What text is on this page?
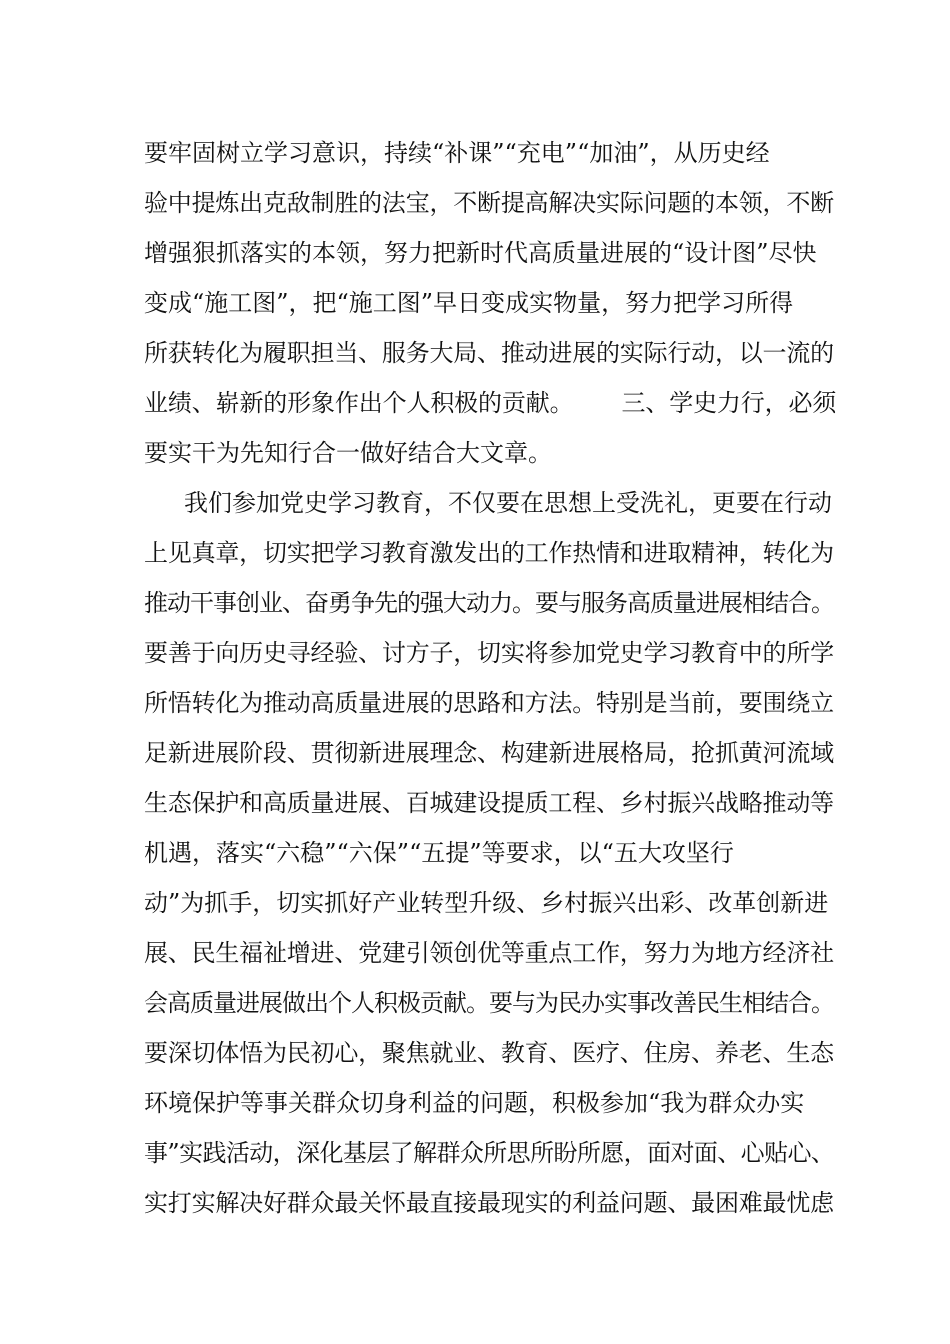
要牢固树立学习意识，持续“补课”“充电”“加油”，从历史经
验中提炼出克敌制胜的法宝，不断提高解决实际问题的本领，不断
增强狠抓落实的本领，努力把新时代高质量进展的“设计图”尽快
变成“施工图”，把“施工图”早日变成实物量，努力把学习所得
所获转化为履职担当、服务大局、推动进展的实际行动，以一流的
业绩、崭新的形象作出个人积极的贡献。 三、学史力行，必须
要实干为先知行合一做好结合大文章。
我们参加党史学习教育，不仅要在思想上受洗礼，更要在行动
上见真章，切实把学习教育激发出的工作热情和进取精神，转化为
推动干事创业、奋勇争先的强大动力。要与服务高质量进展相结合。
要善于向历史寻经验、讨方子，切实将参加党史学习教育中的所学
所悟转化为推动高质量进展的思路和方法。特别是当前，要围绕立
足新进展阶段、贯彻新进展理念、构建新进展格局，抢抓黄河流域
生态保护和高质量进展、百城建设提质工程、乡村振兴战略推动等
机遇，落实“六稳”“六保”“五提”等要求，以“五大攻坚行
动”为抓手，切实抓好产业转型升级、乡村振兴出彩、改革创新进
展、民生福祉增进、党建引领创优等重点工作，努力为地方经济社
会高质量进展做出个人积极贡献。要与为民办实事改善民生相结合。
要深切体悟为民初心，聚焦就业、教育、医疗、住房、养老、生态
环境保护等事关群众切身利益的问题，积极参加“我为群众办实
事”实践活动，深化基层了解群众所思所盼所愿，面对面、心贴心、
实打实解决好群众最关怀最直接最现实的利益问题、最困难最忧虑
